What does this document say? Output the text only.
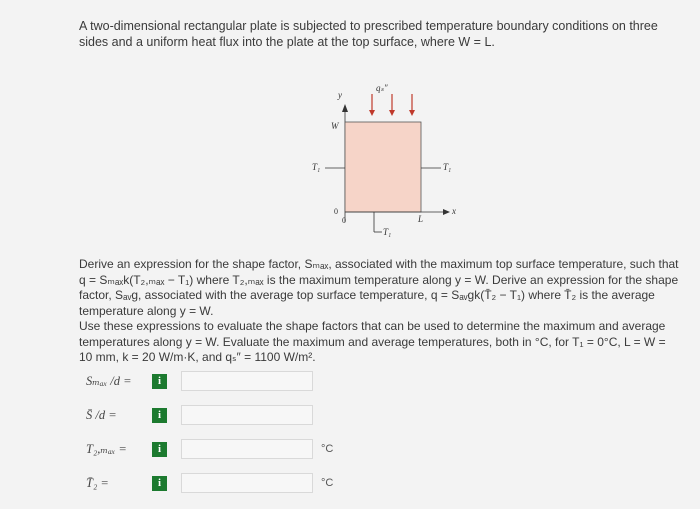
A two-dimensional rectangular plate is subjected to prescribed temperature boundary conditions on three sides and a uniform heat flux into the plate at the top surface, where W = L.
qₛ″
y
W
T₁	T₁
x
L
0
0
T₁
Derive an expression for the shape factor, Sₘₐₓ, associated with the maximum top surface temperature, such that q = Sₘₐₓk(T₂,ₘₐₓ − T₁) where T₂,ₘₐₓ is the maximum temperature along y = W. Derive an expression for the shape factor, Sₐᵥɡ, associated with the average top surface temperature, q = Sₐᵥɡk(T̄₂ − T₁) where T̄₂ is the average temperature along y = W.
Use these expressions to evaluate the shape factors that can be used to determine the maximum and average temperatures along y = W. Evaluate the maximum and average temperatures, both in °C, for T₁ = 0°C, L = W = 10 mm, k = 20 W/m·K, and qₛ″ = 1100 W/m².
Sₘₐₓ /d =	i
S̄ /d =	i
T₂,ₘₐₓ =	i	°C
T̄₂ =	i	°C
